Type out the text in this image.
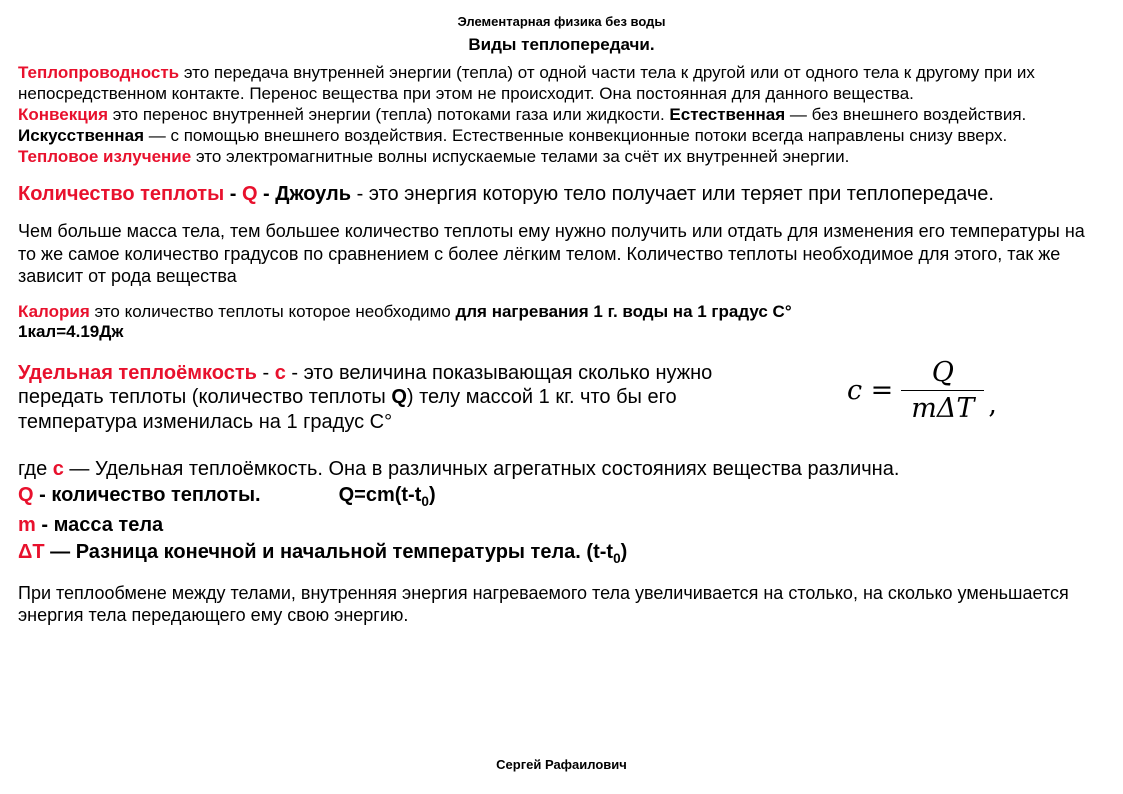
Элементарная физика без воды
Виды теплопередачи.

Теплопроводность это передача внутренней энергии (тепла) от одной части тела к другой или от одного тела к другому при их непосредственном контакте. Перенос вещества при этом не происходит. Она постоянная для данного вещества.

Конвекция это перенос внутренней энергии (тепла) потоками газа или жидкости. Естественная — без внешнего воздействия. Искусственная — с помощью внешнего воздействия. Естественные конвекционные потоки всегда направлены снизу вверх.

Тепловое излучение это электромагнитные волны испускаемые телами за счёт их внутренней энергии.

Количество теплоты - Q - Джоуль - это энергия которую тело получает или теряет при теплопередаче.

Чем больше масса тела, тем большее количество теплоты ему нужно получить или отдать для изменения его температуры на то же самое количество градусов по сравнением с более лёгким телом. Количество теплоты необходимое для этого, так же зависит от рода вещества

Калория это количество теплоты которое необходимо для нагревания 1 г. воды на 1 градус C°
1кал=4.19Дж

$c = \frac{Q}{\text{mΔT}}$ ,

Удельная теплоёмкость - c - это величина показывающая сколько нужно передать теплоты (количество теплоты Q) телу массой 1 кг. что бы его температура изменилась на 1 градус C°

где c — Удельная теплоёмкость. Она в различных агрегатных состояниях вещества различна.

Q - количество теплоты.	$Q=cm(t-t_0)$

m - масса тела

ΔT — Разница конечной и начальной температуры тела. $(t-t_0)$

При теплообмене между телами, внутренняя энергия нагреваемого тела увеличивается на столько, на сколько уменьшается энергия тела передающего ему свою энергию.

Сергей Рафаилович
